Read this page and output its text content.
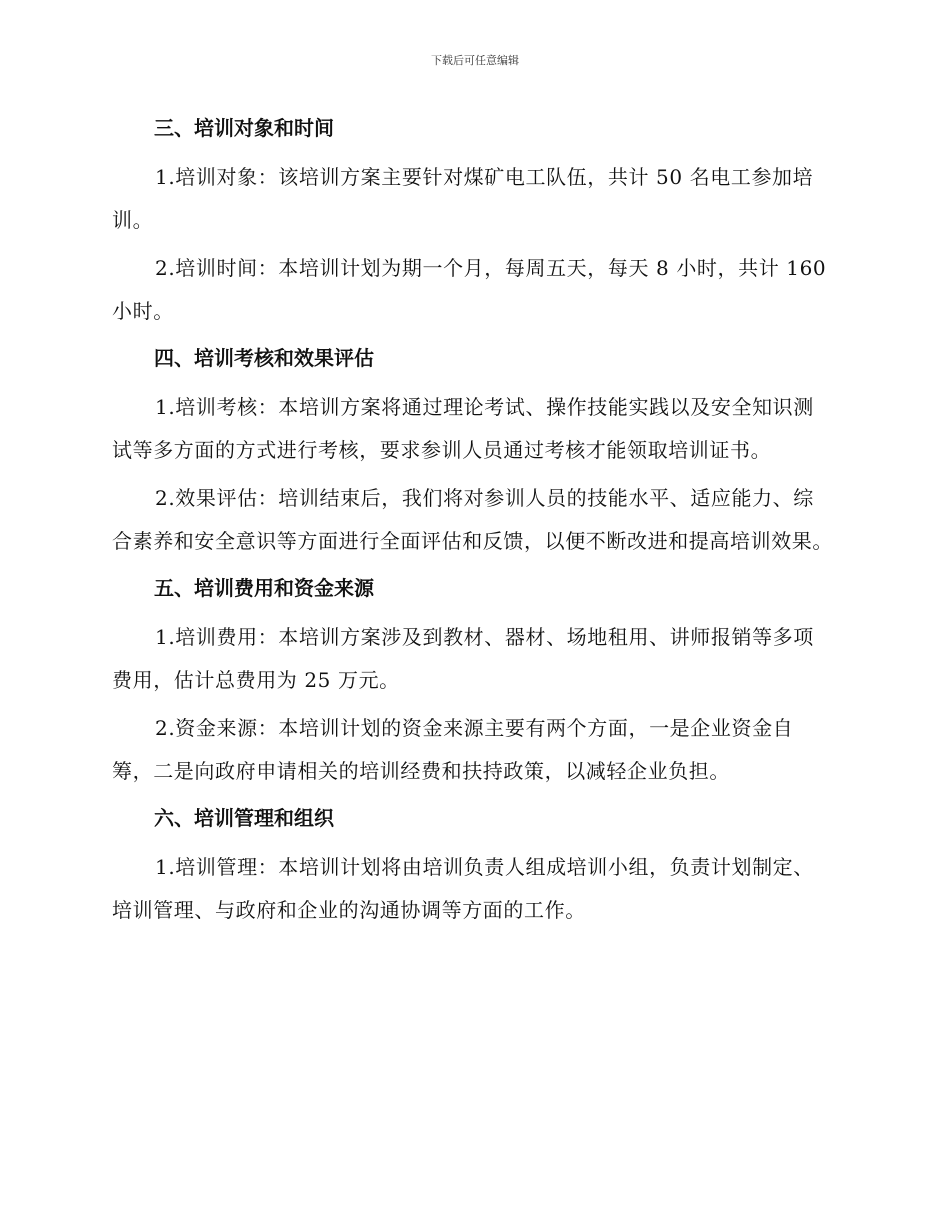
下载后可任意编辑
三、培训对象和时间

1.培训对象：该培训方案主要针对煤矿电工队伍，共计 50 名电工参加培训。

2.培训时间：本培训计划为期一个月，每周五天，每天 8 小时，共计 160 小时。

四、培训考核和效果评估

1.培训考核：本培训方案将通过理论考试、操作技能实践以及安全知识测试等多方面的方式进行考核，要求参训人员通过考核才能领取培训证书。

2.效果评估：培训结束后，我们将对参训人员的技能水平、适应能力、综合素养和安全意识等方面进行全面评估和反馈，以便不断改进和提高培训效果。

五、培训费用和资金来源

1.培训费用：本培训方案涉及到教材、器材、场地租用、讲师报销等多项费用，估计总费用为 25 万元。

2.资金来源：本培训计划的资金来源主要有两个方面，一是企业资金自筹，二是向政府申请相关的培训经费和扶持政策，以减轻企业负担。

六、培训管理和组织

1.培训管理：本培训计划将由培训负责人组成培训小组，负责计划制定、培训管理、与政府和企业的沟通协调等方面的工作。
